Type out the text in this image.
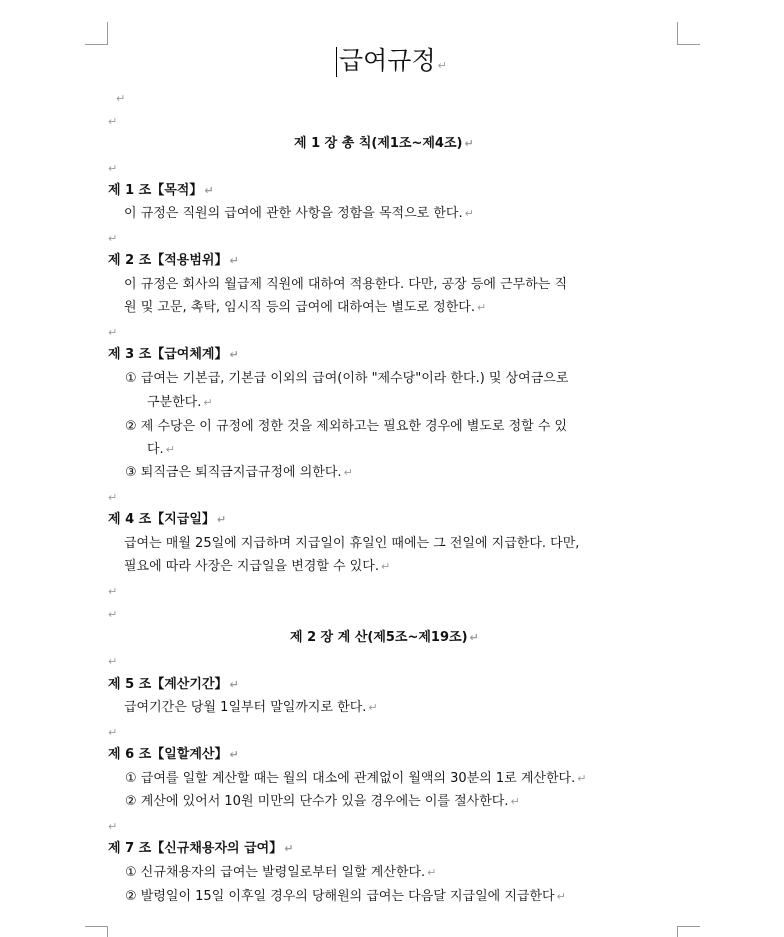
급여규정 ↵
↵
↵
제 1 장 총 칙(제1조~제4조) ↵
↵
제 1 조【목적】 ↵
이 규정은 직원의 급여에 관한 사항을 정함을 목적으로 한다. ↵
↵
제 2 조【적용범위】 ↵
이 규정은 회사의 월급제 직원에 대하여 적용한다. 다만, 공장 등에 근무하는 직
원 및 고문, 촉탁, 임시직 등의 급여에 대하여는 별도로 정한다. ↵
↵
제 3 조【급여체계】 ↵
① 급여는 기본급, 기본급 이외의 급여(이하 "제수당"이라 한다.) 및 상여금으로
구분한다. ↵
② 제 수당은 이 규정에 정한 것을 제외하고는 필요한 경우에 별도로 정할 수 있
다. ↵
③ 퇴직금은 퇴직금지급규정에 의한다. ↵
↵
제 4 조【지급일】 ↵
급여는 매월 25일에 지급하며 지급일이 휴일인 때에는 그 전일에 지급한다. 다만,
필요에 따라 사장은 지급일을 변경할 수 있다. ↵
↵
↵
제 2 장 계 산(제5조~제19조) ↵
↵
제 5 조【계산기간】 ↵
급여기간은 당월 1일부터 말일까지로 한다. ↵
↵
제 6 조【일할계산】 ↵
① 급여를 일할 계산할 때는 월의 대소에 관계없이 월액의 30분의 1로 계산한다. ↵
② 계산에 있어서 10원 미만의 단수가 있을 경우에는 이를 절사한다. ↵
↵
제 7 조【신규채용자의 급여】 ↵
① 신규채용자의 급여는 발령일로부터 일할 계산한다. ↵
② 발령일이 15일 이후일 경우의 당해원의 급여는 다음달 지급일에 지급한다 ↵
